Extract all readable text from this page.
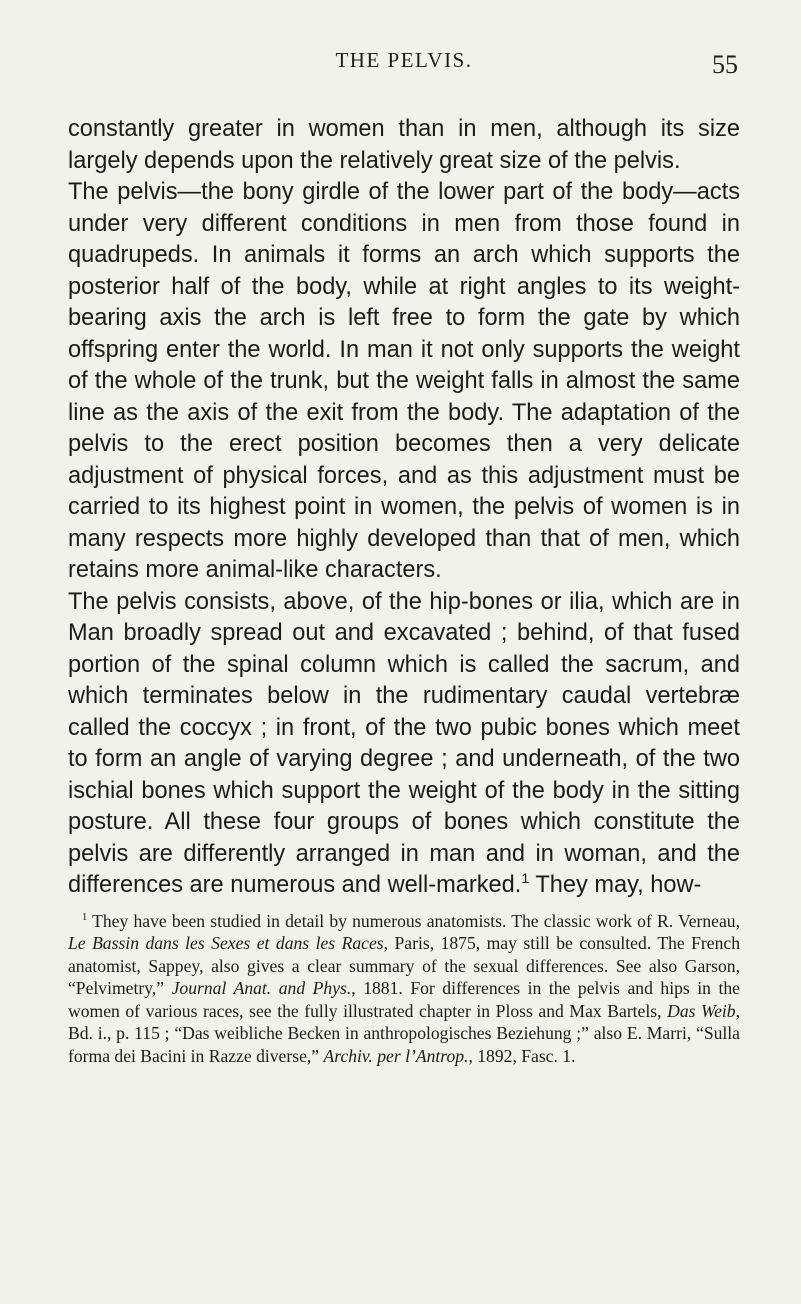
THE PELVIS.	55

constantly greater in women than in men, although its size largely depends upon the relatively great size of the pelvis.

The pelvis—the bony girdle of the lower part of the body—acts under very different conditions in men from those found in quadrupeds. In animals it forms an arch which supports the posterior half of the body, while at right angles to its weight-bearing axis the arch is left free to form the gate by which offspring enter the world. In man it not only supports the weight of the whole of the trunk, but the weight falls in almost the same line as the axis of the exit from the body. The adaptation of the pelvis to the erect position becomes then a very delicate adjustment of physical forces, and as this adjustment must be carried to its highest point in women, the pelvis of women is in many respects more highly developed than that of men, which retains more animal-like characters.

The pelvis consists, above, of the hip-bones or ilia, which are in Man broadly spread out and excavated ; behind, of that fused portion of the spinal column which is called the sacrum, and which terminates below in the rudimentary caudal vertebræ called the coccyx ; in front, of the two pubic bones which meet to form an angle of varying degree ; and underneath, of the two ischial bones which support the weight of the body in the sitting posture. All these four groups of bones which constitute the pelvis are differently arranged in man and in woman, and the differences are numerous and well-marked.$^1$ They may, how-

$^1$ They have been studied in detail by numerous anatomists. The classic work of R. Verneau, Le Bassin dans les Sexes et dans les Races, Paris, 1875, may still be consulted. The French anatomist, Sappey, also gives a clear summary of the sexual differences. See also Garson, “Pelvimetry,” Journal Anat. and Phys., 1881. For differences in the pelvis and hips in the women of various races, see the fully illustrated chapter in Ploss and Max Bartels, Das Weib, Bd. i., p. 115 ; “Das weibliche Becken in anthropologisches Beziehung ;” also E. Marri, “Sulla forma dei Bacini in Razze diverse,” Archiv. per l’Antrop., 1892, Fasc. 1.
